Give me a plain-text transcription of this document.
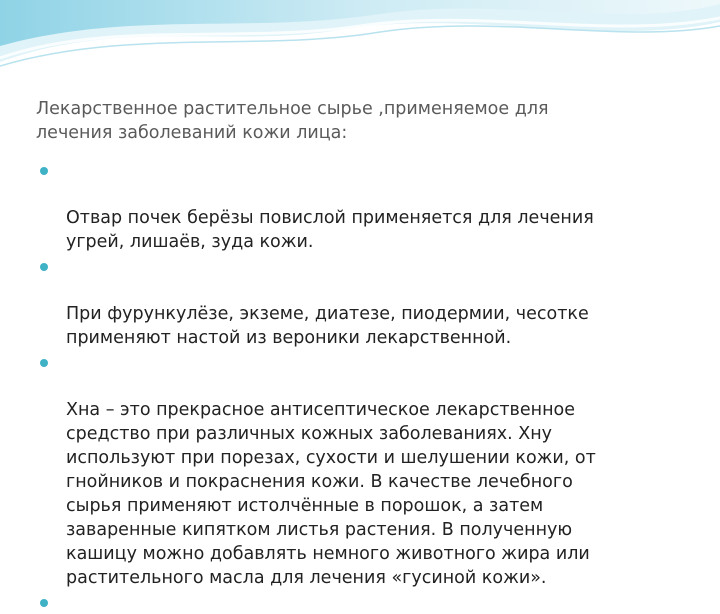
Лекарственное растительное сырье ,применяемое для
лечения заболеваний кожи лица:

Отвар почек берёзы повислой применяется для лечения
угрей, лишаёв, зуда кожи.

При фурункулёзе, экземе, диатезе, пиодермии, чесотке
применяют настой из вероники лекарственной.

Хна – это прекрасное антисептическое лекарственное
средство при различных кожных заболеваниях. Хну
используют при порезах, сухости и шелушении кожи, от
гнойников и покраснения кожи. В качестве лечебного
сырья применяют истолчённые в порошок, а затем
заваренные кипятком листья растения. В полученную
кашицу можно добавлять немного животного жира или
растительного масла для лечения «гусиной кожи».
